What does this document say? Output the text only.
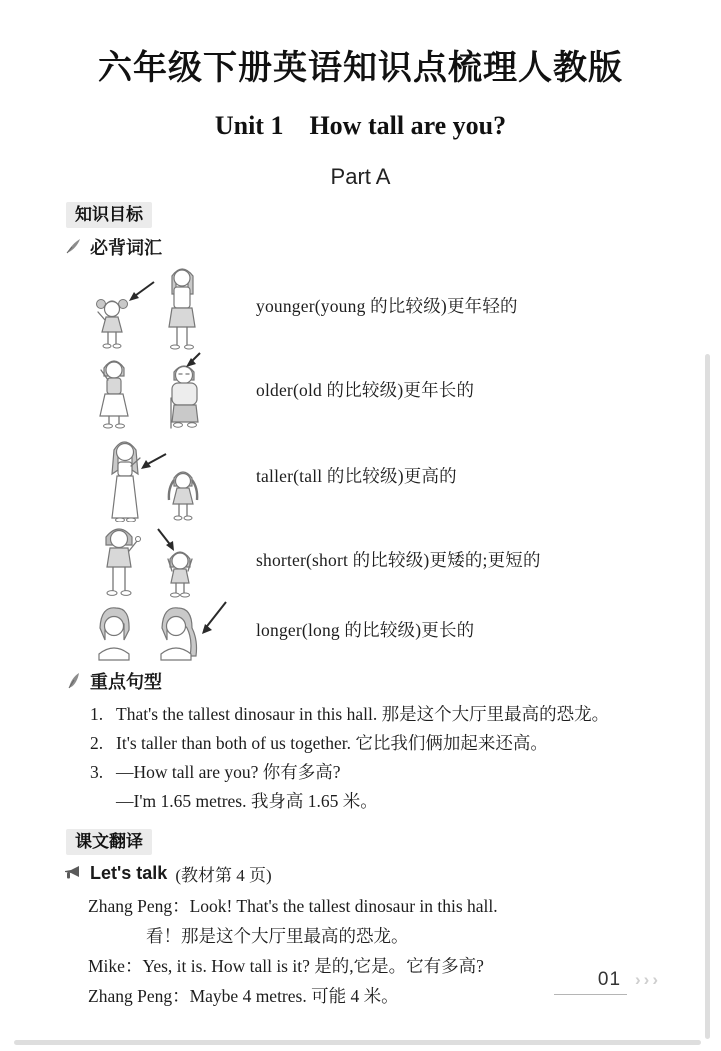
六年级下册英语知识点梳理人教版
Unit 1　How tall are you?
Part A
知识目标
必背词汇
younger(young 的比较级)更年轻的
older(old 的比较级)更年长的
taller(tall 的比较级)更高的
shorter(short 的比较级)更矮的;更短的
longer(long 的比较级)更长的
重点句型
1. That's the tallest dinosaur in this hall. 那是这个大厅里最高的恐龙。
2. It's taller than both of us together. 它比我们俩加起来还高。
3. —How tall are you? 你有多高?
—I'm 1.65 metres. 我身高 1.65 米。
课文翻译
Let's talk (教材第 4 页)
Zhang Peng： Look! That's the tallest dinosaur in this hall.
看！那是这个大厅里最高的恐龙。
Mike： Yes, it is. How tall is it? 是的,它是。它有多高?
Zhang Peng： Maybe 4 metres. 可能 4 米。
01 ›››
